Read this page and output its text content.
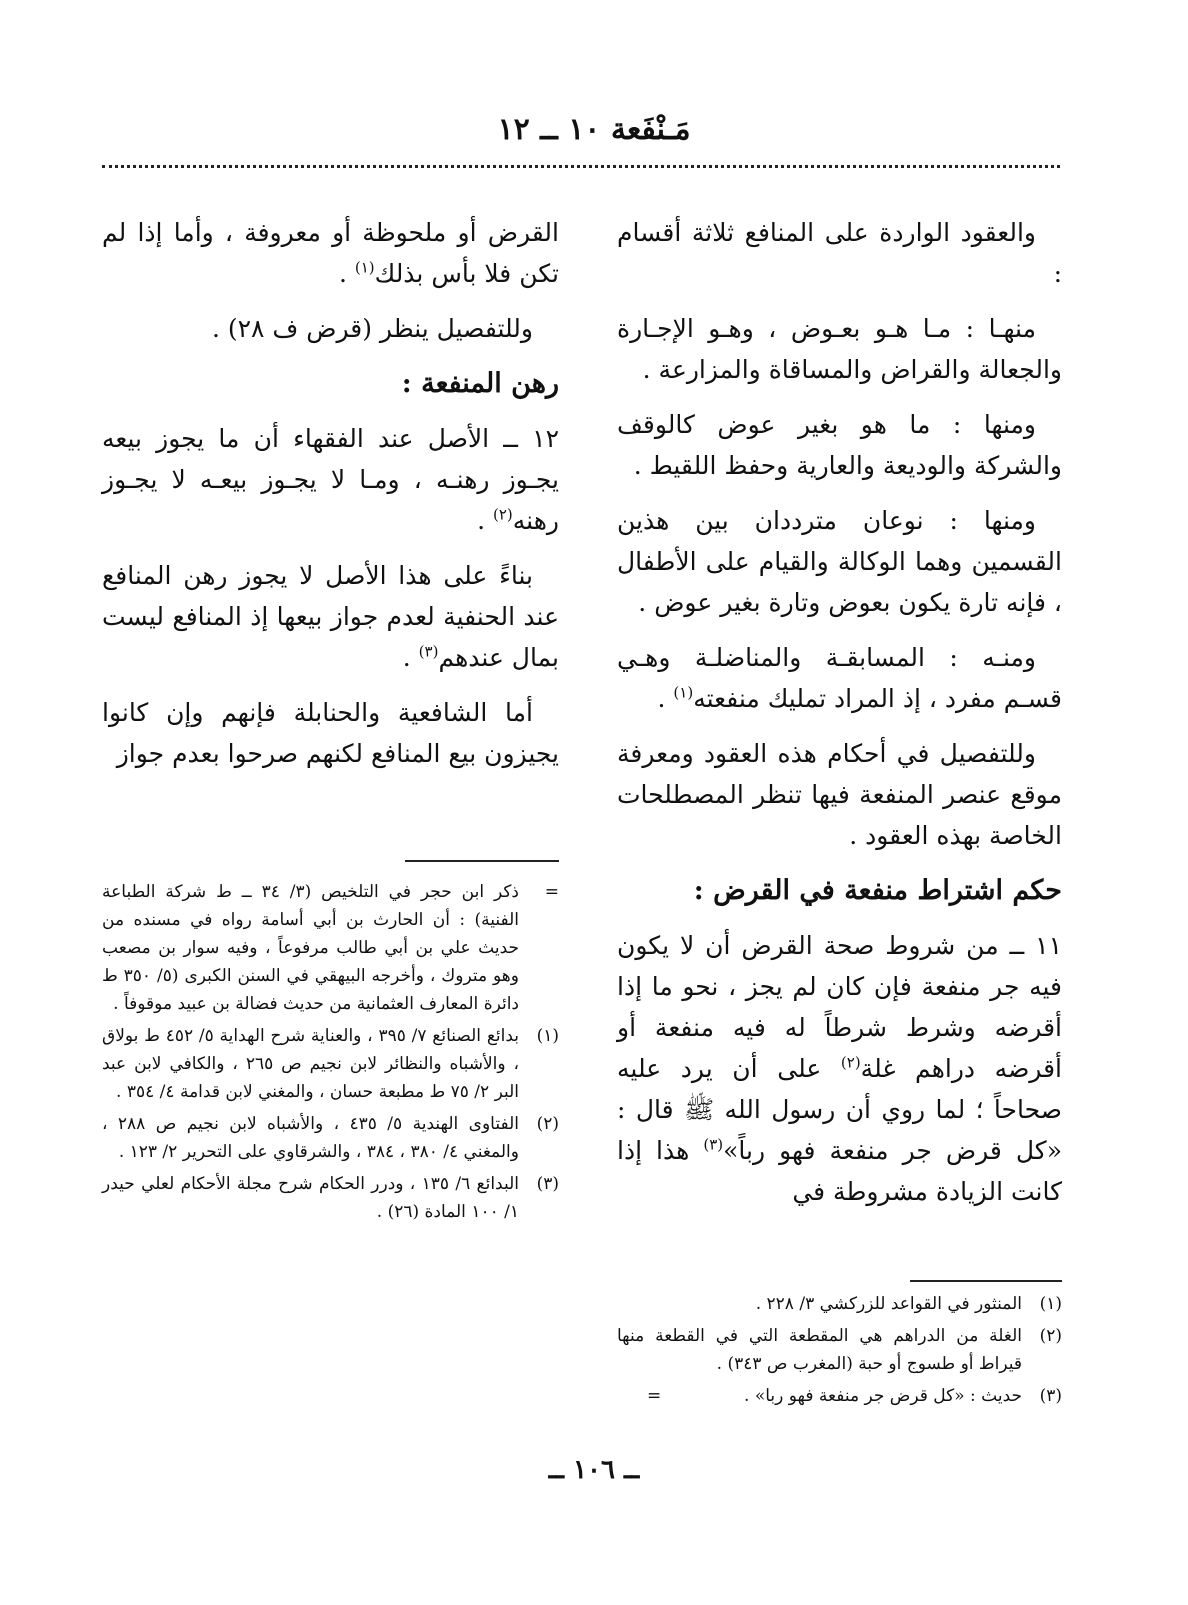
مَـنْفَعة ١٠ ــ ١٢

والعقود الواردة على المنافع ثلاثة أقسام :

منهـا : مـا هـو بعـوض ، وهـو الإجـارة والجعالة والقراض والمساقاة والمزارعة .

ومنها : ما هو بغير عوض كالوقف والشركة والوديعة والعارية وحفظ اللقيط .

ومنها : نوعان مترددان بين هذين القسمين وهما الوكالة والقيام على الأطفال ، فإنه تارة يكون بعوض وتارة بغير عوض .

ومنـه : المسابقـة والمناضلـة وهـي قسـم مفرد ، إذ المراد تمليك منفعته$^{(١)}$ .

وللتفصيل في أحكام هذه العقود ومعرفة موقع عنصر المنفعة فيها تنظر المصطلحات الخاصة بهذه العقود .

حكم اشتراط منفعة في القرض :

١١ ــ من شروط صحة القرض أن لا يكون فيه جر منفعة فإن كان لم يجز ، نحو ما إذا أقرضه وشرط شرطاً له فيه منفعة أو أقرضه دراهم غلة$^{(٢)}$ على أن يرد عليه صحاحاً ؛ لما روي أن رسول الله ﷺ قال : «كل قرض جر منفعة فهو رباً»$^{(٣)}$ هذا إذا كانت الزيادة مشروطة في

القرض أو ملحوظة أو معروفة ، وأما إذا لم تكن فلا بأس بذلك$^{(١)}$ .

وللتفصيل ينظر (قرض ف ٢٨) .

رهن المنفعة :

١٢ ــ الأصل عند الفقهاء أن ما يجوز بيعه يجـوز رهنـه ، ومـا لا يجـوز بيعـه لا يجـوز رهنه$^{(٢)}$ .

بناءً على هذا الأصل لا يجوز رهن المنافع عند الحنفية لعدم جواز بيعها إذ المنافع ليست بمال عندهم$^{(٣)}$ .

أما الشافعية والحنابلة فإنهم وإن كانوا يجيزون بيع المنافع لكنهم صرحوا بعدم جواز

=
ذكر ابن حجر في التلخيص (٣/ ٣٤ ــ ط شركة الطباعة الفنية) : أن الحارث بن أبي أسامة رواه في مسنده من حديث علي بن أبي طالب مرفوعاً ، وفيه سوار بن مصعب وهو متروك ، وأخرجه البيهقي في السنن الكبرى (٥/ ٣٥٠ ط دائرة المعارف العثمانية من حديث فضالة بن عبيد موقوفاً .
(١)
بدائع الصنائع ٧/ ٣٩٥ ، والعناية شرح الهداية ٥/ ٤٥٢ ط بولاق ، والأشباه والنظائر لابن نجيم ص ٢٦٥ ، والكافي لابن عبد البر ٢/ ٧٥ ط مطبعة حسان ، والمغني لابن قدامة ٤/ ٣٥٤ .
(٢)
الفتاوى الهندية ٥/ ٤٣٥ ، والأشباه لابن نجيم ص ٢٨٨ ، والمغني ٤/ ٣٨٠ ، ٣٨٤ ، والشرقاوي على التحرير ٢/ ١٢٣ .
(٣)
البدائع ٦/ ١٣٥ ، ودرر الحكام شرح مجلة الأحكام لعلي حيدر ١/ ١٠٠ المادة (٢٦) .
(١)
المنثور في القواعد للزركشي ٣/ ٢٢٨ .
(٢)
الغلة من الدراهم هي المقطعة التي في القطعة منها قيراط أو طسوج أو حبة (المغرب ص ٣٤٣) .
(٣)
حديث : «كل قرض جر منفعة فهو ربا» .
=
ــ ١٠٦ ــ
